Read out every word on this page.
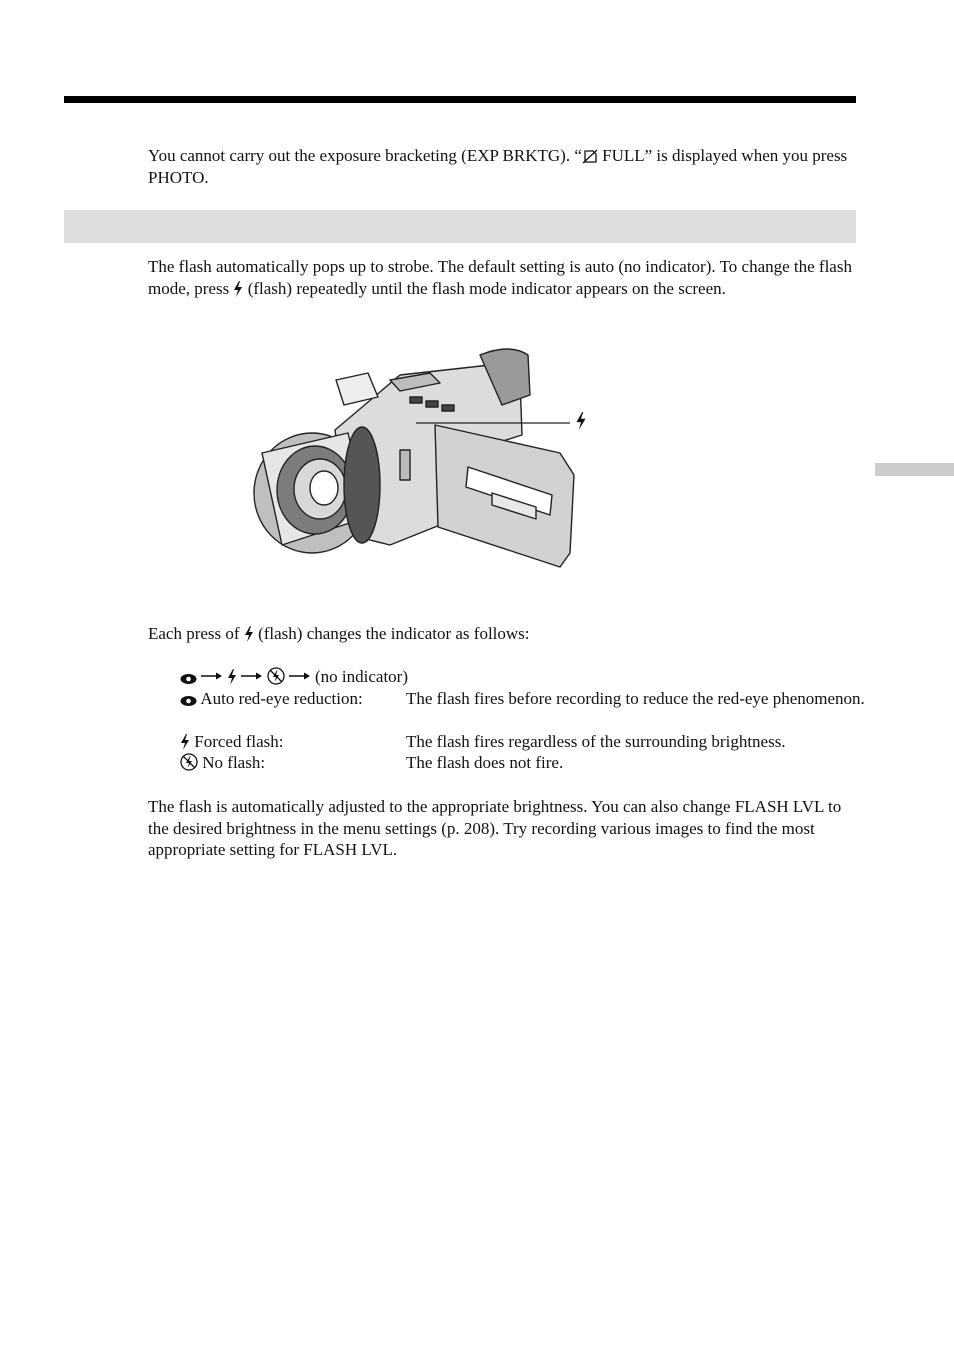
You cannot carry out the exposure bracketing (EXP BRKTG). “ FULL” is displayed when you press PHOTO.

The flash automatically pops up to strobe. The default setting is auto (no indicator). To change the flash mode, press  (flash) repeatedly until the flash mode indicator appears on the screen.

Each press of  (flash) changes the indicator as follows:

(no indicator)
Auto red-eye reduction:	The flash fires before recording to reduce the red-eye phenomenon.
Forced flash:	The flash fires regardless of the surrounding brightness.
No flash:	The flash does not fire.

The flash is automatically adjusted to the appropriate brightness. You can also change FLASH LVL to the desired brightness in the menu settings (p. 208). Try recording various images to find the most appropriate setting for FLASH LVL.
